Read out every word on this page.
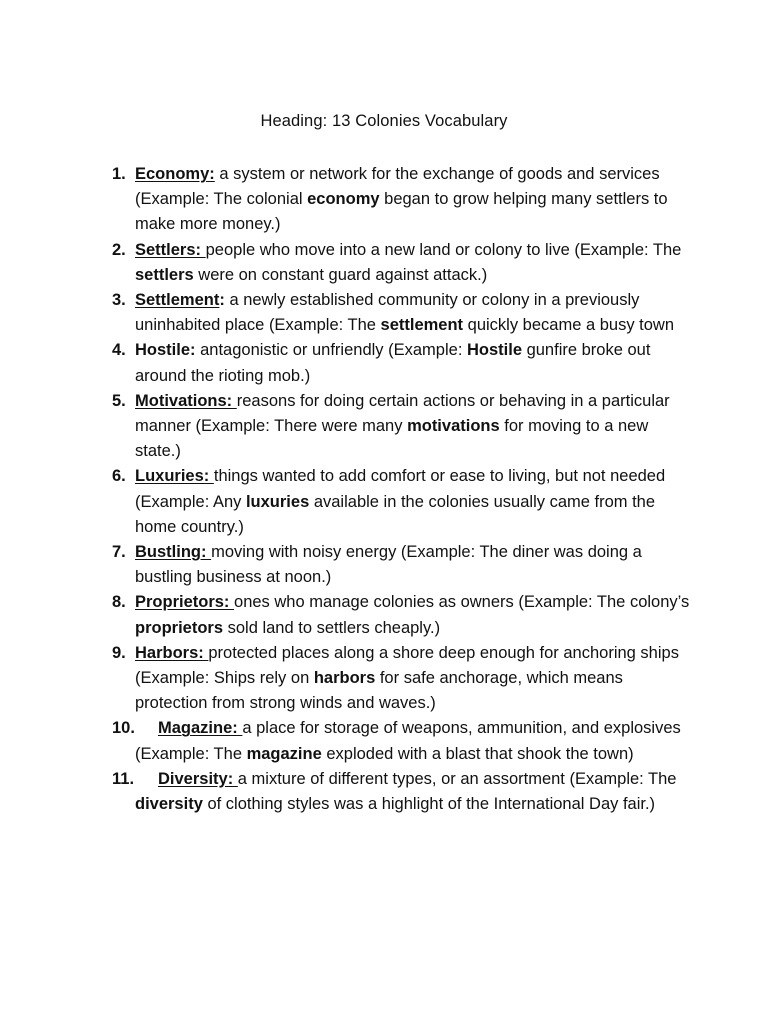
Heading: 13 Colonies Vocabulary
1. Economy: a system or network for the exchange of goods and services (Example: The colonial economy began to grow helping many settlers to make more money.)
2. Settlers: people who move into a new land or colony to live (Example: The settlers were on constant guard against attack.)
3. Settlement: a newly established community or colony in a previously uninhabited place (Example: The settlement quickly became a busy town
4. Hostile: antagonistic or unfriendly (Example: Hostile gunfire broke out around the rioting mob.)
5. Motivations: reasons for doing certain actions or behaving in a particular manner (Example: There were many motivations for moving to a new state.)
6. Luxuries: things wanted to add comfort or ease to living, but not needed (Example: Any luxuries available in the colonies usually came from the home country.)
7. Bustling: moving with noisy energy (Example: The diner was doing a bustling business at noon.)
8. Proprietors: ones who manage colonies as owners (Example: The colony’s proprietors sold land to settlers cheaply.)
9. Harbors: protected places along a shore deep enough for anchoring ships (Example: Ships rely on harbors for safe anchorage, which means protection from strong winds and waves.)
10. Magazine: a place for storage of weapons, ammunition, and explosives (Example: The magazine exploded with a blast that shook the town)
11. Diversity: a mixture of different types, or an assortment (Example: The diversity of clothing styles was a highlight of the International Day fair.)
